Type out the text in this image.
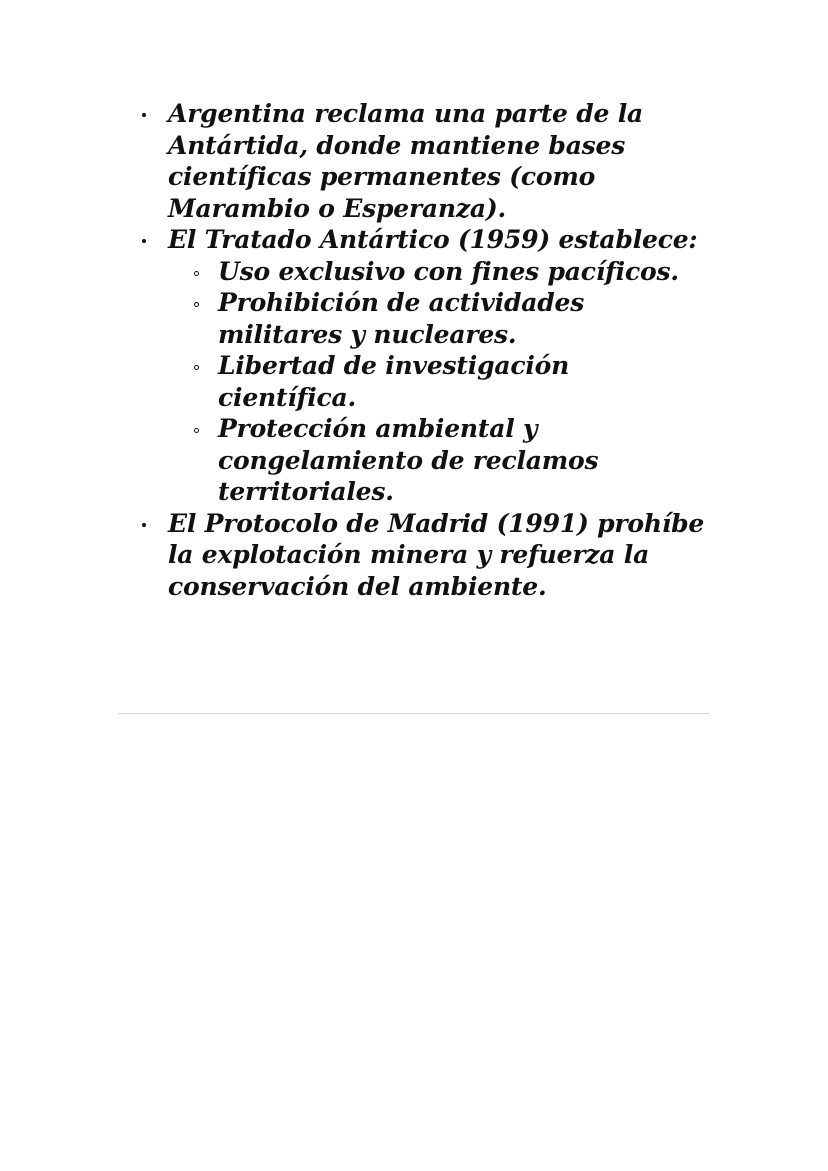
Argentina reclama una parte de la Antártida, donde mantiene bases científicas permanentes (como Marambio o Esperanza).
El Tratado Antártico (1959) establece:
Uso exclusivo con fines pacíficos.
Prohibición de actividades militares y nucleares.
Libertad de investigación científica.
Protección ambiental y congelamiento de reclamos territoriales.
El Protocolo de Madrid (1991) prohíbe la explotación minera y refuerza la conservación del ambiente.
